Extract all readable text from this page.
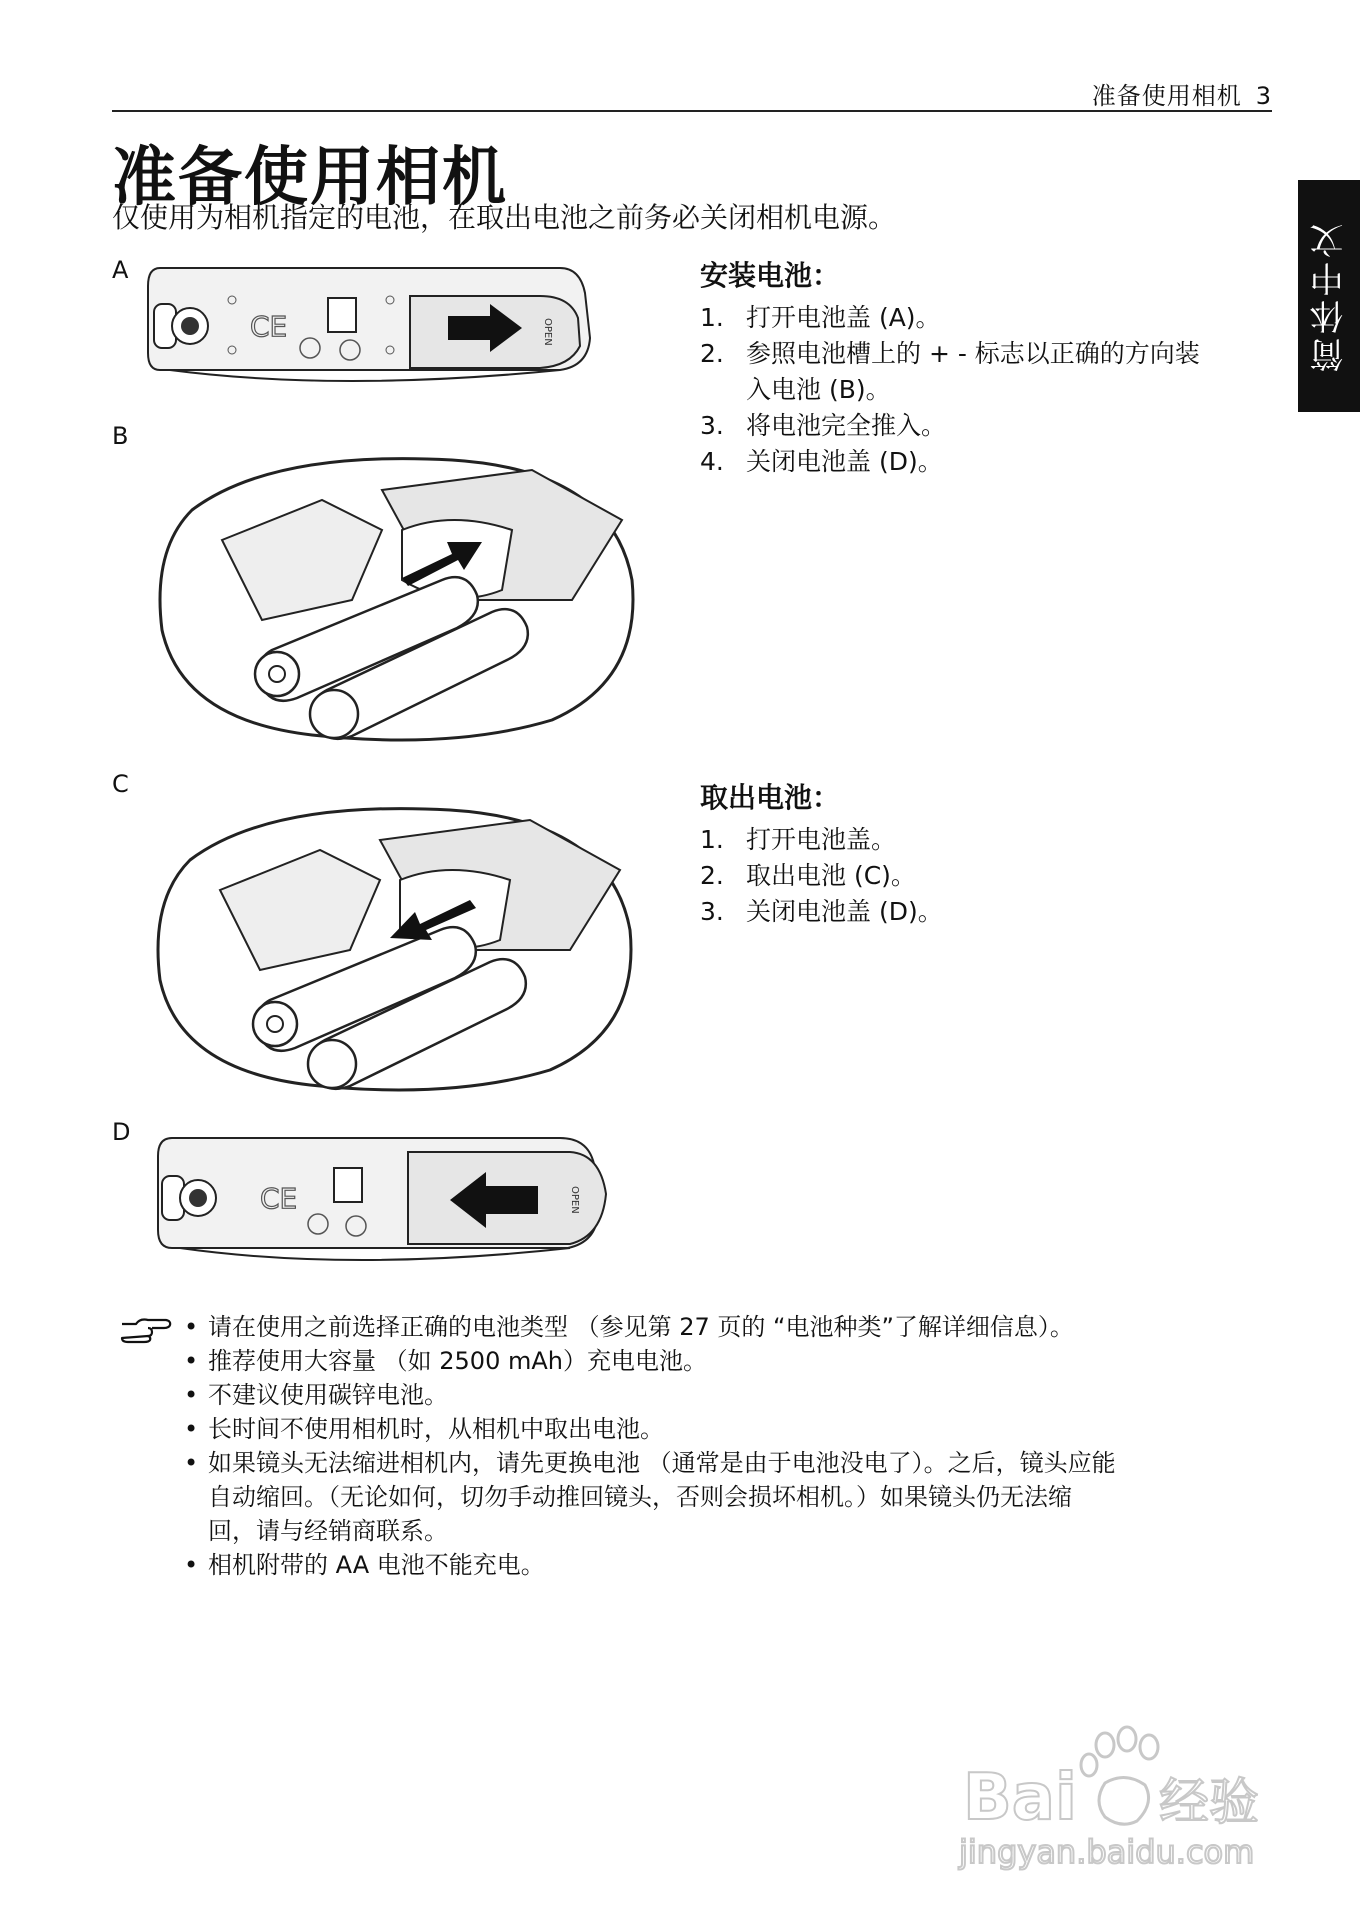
准备使用相机 3
简体中文
准备使用相机
仅使用为相机指定的电池，在取出电池之前务必关闭相机电源。
A
CE	OPEN
B
安装电池：
1. 打开电池盖 (A)。
2. 参照电池槽上的 + - 标志以正确的方向装
入电池 (B)。
3. 将电池完全推入。
4. 关闭电池盖 (D)。
C	取出电池：
1. 打开电池盖。
2. 取出电池 (C)。
3. 关闭电池盖 (D)。
D
CE	OPEN
• 请在使用之前选择正确的电池类型 （参见第 27 页的 “电池种类”了解详细信息）。
• 推荐使用大容量 （如 2500 mAh）充电电池。
• 不建议使用碳锌电池。
• 长时间不使用相机时，从相机中取出电池。
• 如果镜头无法缩进相机内，请先更换电池 （通常是由于电池没电了）。之后，镜头应能
自动缩回。（无论如何，切勿手动推回镜头，否则会损坏相机。）如果镜头仍无法缩
回，请与经销商联系。
• 相机附带的 AA 电池不能充电。
Bai 经验
jingyan.baidu.com
